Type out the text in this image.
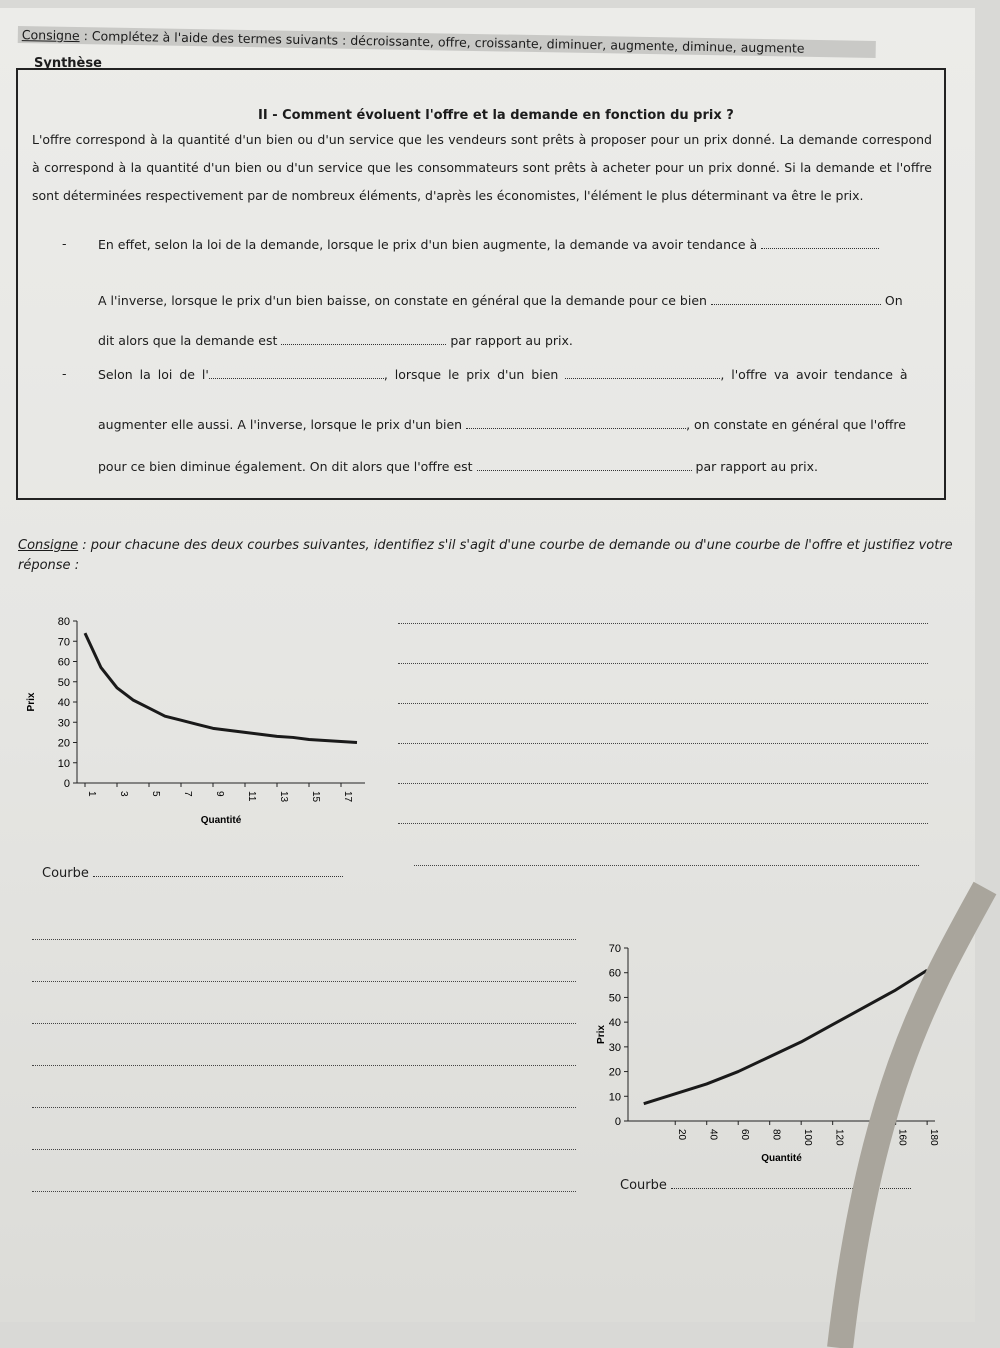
Consigne : Complétez à l'aide des termes suivants : décroissante, offre, croissante, diminuer, augmente, diminue, augmente
Synthèse
II - Comment évoluent l'offre et la demande en fonction du prix ?
L'offre correspond à la quantité d'un bien ou d'un service que les vendeurs sont prêts à proposer pour un prix donné. La demande correspond à correspond à la quantité d'un bien ou d'un service que les consommateurs sont prêts à acheter pour un prix donné. Si la demande et l'offre sont déterminées respectivement par de nombreux éléments, d'après les économistes, l'élément le plus déterminant va être le prix.
-	En effet, selon la loi de la demande, lorsque le prix d'un bien augmente, la demande va avoir tendance à
A l'inverse, lorsque le prix d'un bien baisse, on constate en général que la demande pour ce bien	On
dit alors que la demande est	par rapport au prix.
-	Selon la loi de l'	, lorsque le prix d'un bien	, l'offre va avoir tendance à
augmenter elle aussi. A l'inverse, lorsque le prix d'un bien	, on constate en général que l'offre
pour ce bien diminue également. On dit alors que l'offre est	par rapport au prix.
Consigne : pour chacune des deux courbes suivantes, identifiez s'il s'agit d'une courbe de demande ou d'une courbe de l'offre et justifiez votre réponse :
0
10
20
30
40
50
60
70
80
1 3 5 7 9 11 13 15 17
Quantité
Prix
0
10
20
30
40
50
60
70
20 40 60 80 100 120	160 180
Quantité
Prix
Courbe
Courbe
